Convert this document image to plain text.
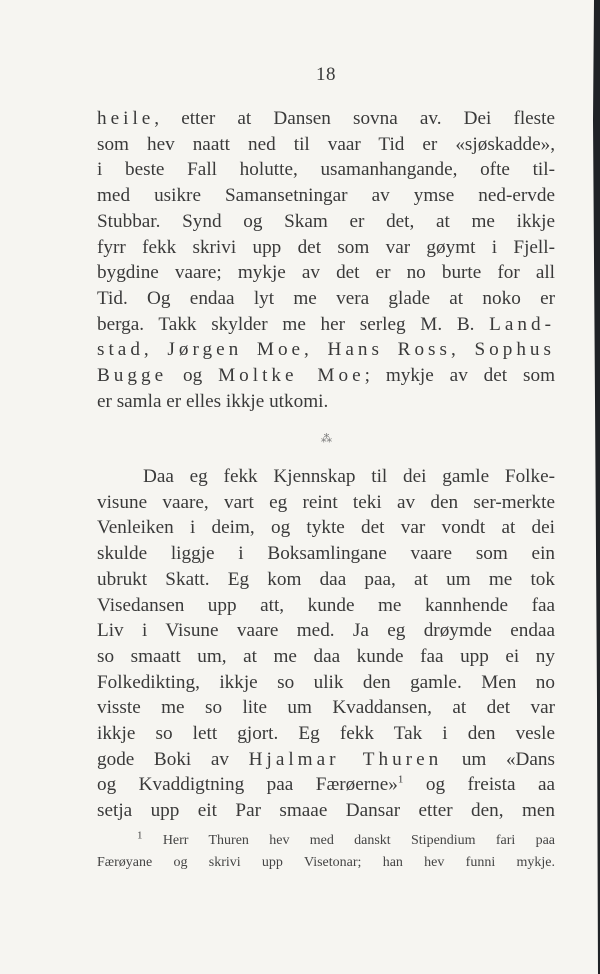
18
heile, etter at Dansen sovna av. Dei fleste
som hev naatt ned til vaar Tid er «sjøskadde»,
i beste Fall holutte, usamanhangande, ofte til-
med usikre Samansetningar av ymse ned-ervde
Stubbar. Synd og Skam er det, at me ikkje
fyrr fekk skrivi upp det som var gøymt i Fjell-
bygdine vaare; mykje av det er no burte for all
Tid. Og endaa lyt me vera glade at noko er
berga. Takk skylder me her serleg M. B. Land-
stad, Jørgen Moe, Hans Ross, Sophus
Bugge og Moltke Moe; mykje av det som
er samla er elles ikkje utkomi.
⁂
Daa eg fekk Kjennskap til dei gamle Folke-
visune vaare, vart eg reint teki av den ser-merkte
Venleiken i deim, og tykte det var vondt at dei
skulde liggje i Boksamlingane vaare som ein
ubrukt Skatt. Eg kom daa paa, at um me tok
Visedansen upp att, kunde me kannhende faa
Liv i Visune vaare med. Ja eg drøymde endaa
so smaatt um, at me daa kunde faa upp ei ny
Folkedikting, ikkje so ulik den gamle. Men no
visste me so lite um Kvaddansen, at det var
ikkje so lett gjort. Eg fekk Tak i den vesle
gode Boki av Hjalmar Thuren um «Dans
og Kvaddigtning paa Færøerne»$^1$ og freista aa
setja upp eit Par smaae Dansar etter den, men
$^1$ Herr Thuren hev med danskt Stipendium fari paa
Færøyane og skrivi upp Visetonar; han hev funni mykje.
